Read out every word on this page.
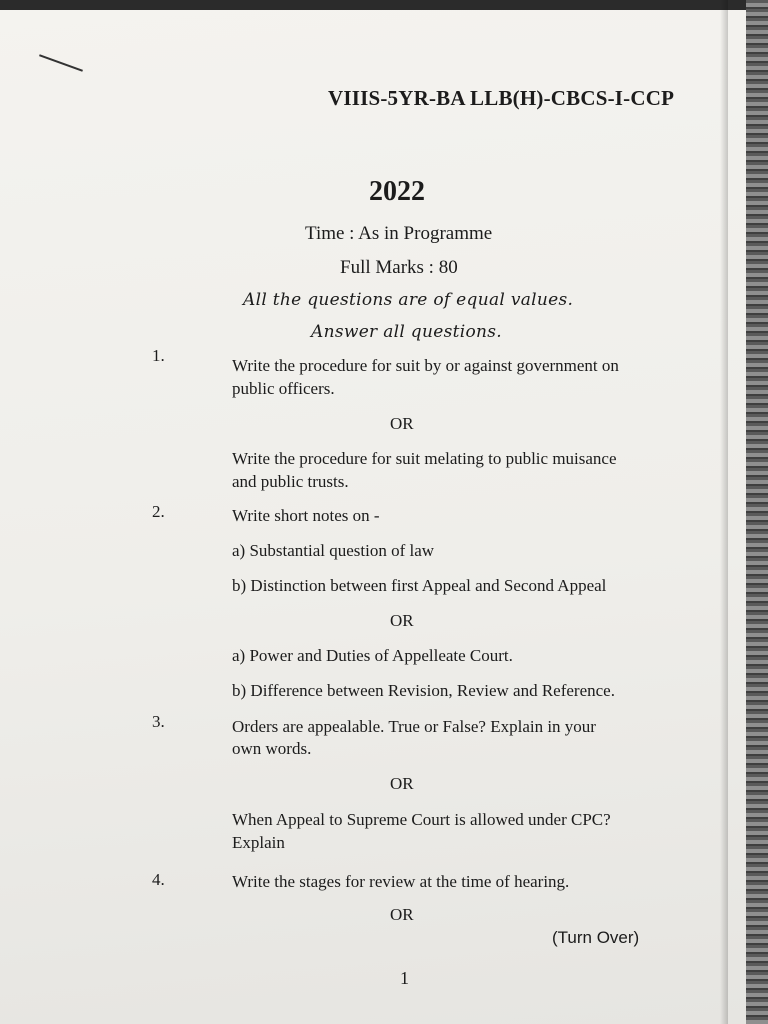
VIIIS-5YR-BA LLB(H)-CBCS-I-CCP
2022
Time : As in Programme
Full Marks : 80
All the questions are of equal values.
Answer all questions.
1.
Write the procedure for suit by or against government on
public officers.
OR
Write the procedure for suit melating to public muisance
and public trusts.
2.	Write short notes on -
a) Substantial question of law
b) Distinction between first Appeal and Second Appeal
OR
a) Power and Duties of Appelleate Court.
b) Difference between Revision, Review and Reference.
3.	Orders are appealable. True or False? Explain in your
own words.
OR
When Appeal to Supreme Court is allowed under CPC?
Explain
4.	Write the stages for review at the time of hearing.
OR
(Turn Over)
1
